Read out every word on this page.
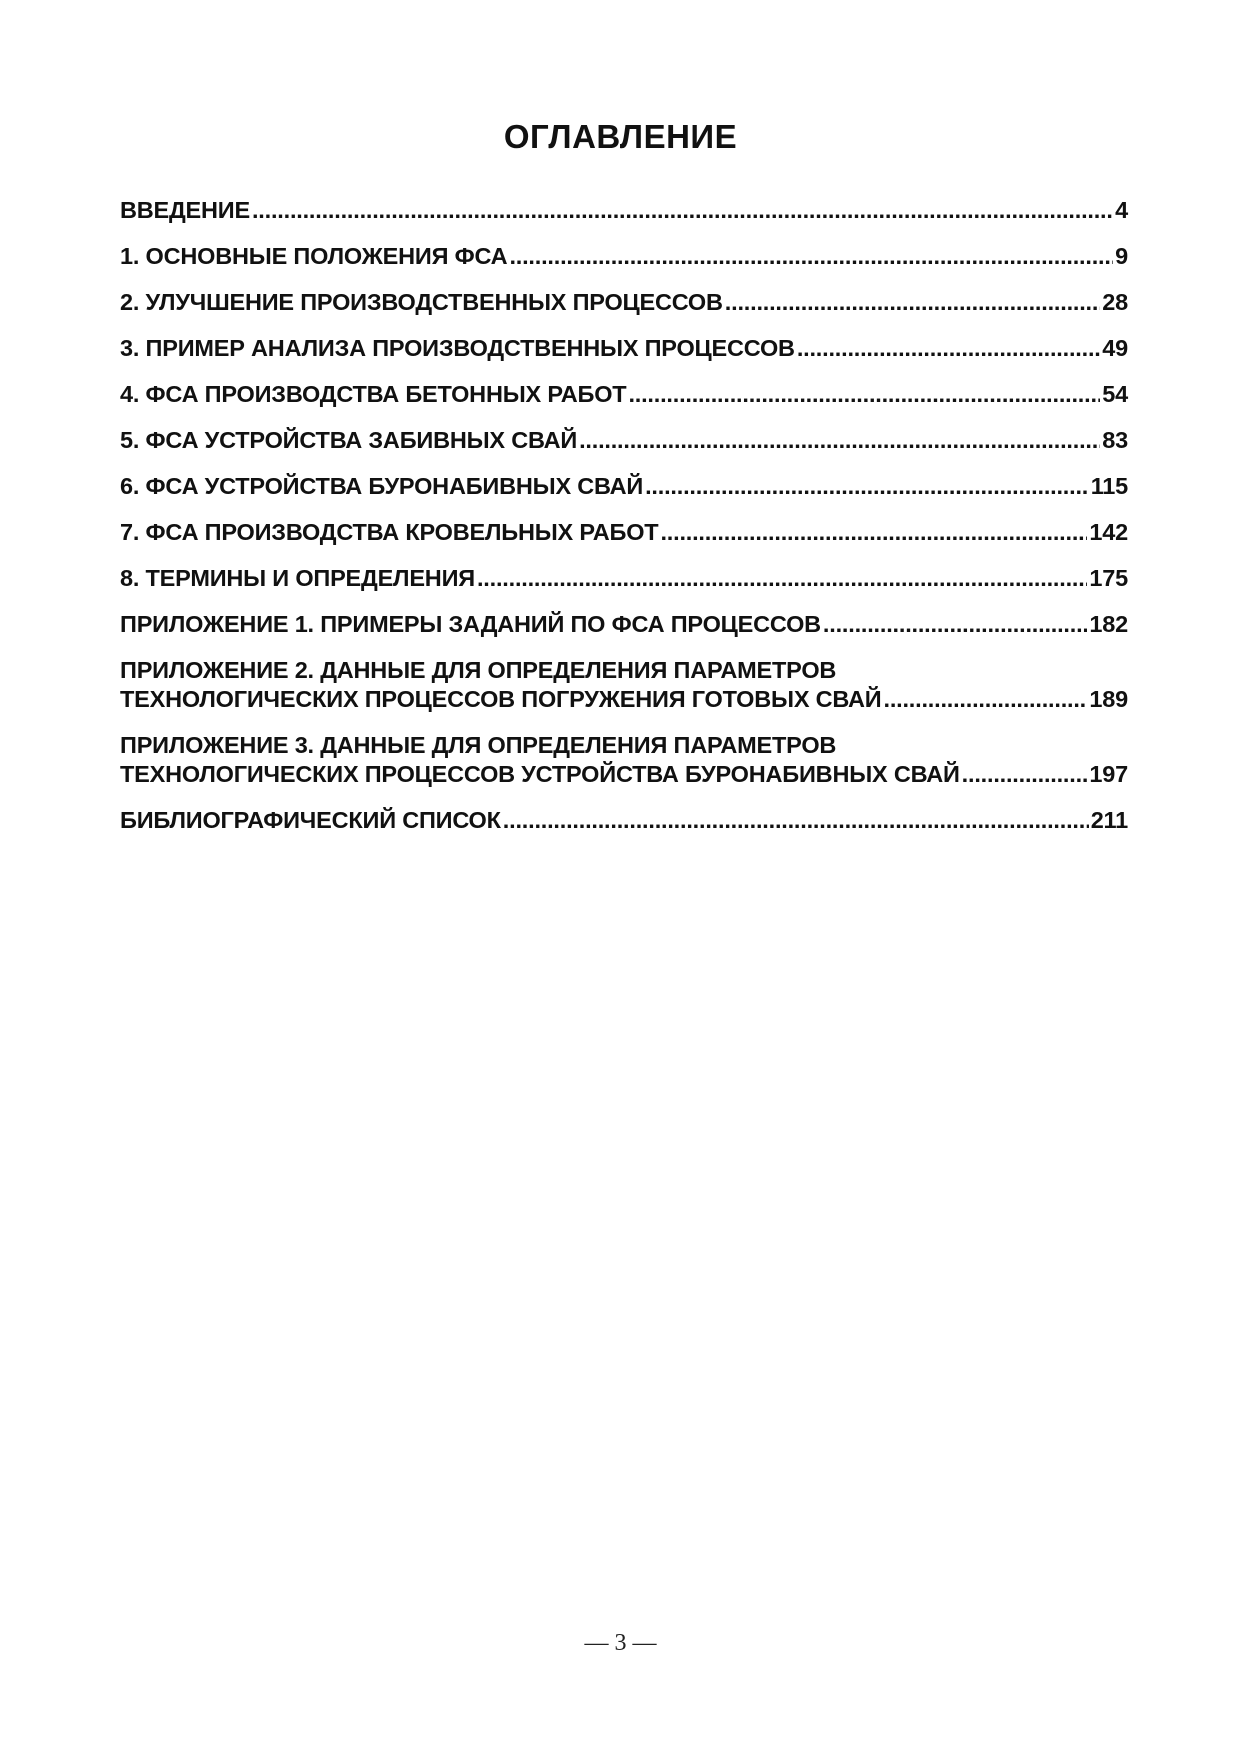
ОГЛАВЛЕНИЕ
ВВЕДЕНИЕ .....	4
1. ОСНОВНЫЕ ПОЛОЖЕНИЯ ФСА .....	9
2. УЛУЧШЕНИЕ ПРОИЗВОДСТВЕННЫХ ПРОЦЕССОВ .....	28
3. ПРИМЕР АНАЛИЗА ПРОИЗВОДСТВЕННЫХ ПРОЦЕССОВ .....	49
4. ФСА ПРОИЗВОДСТВА БЕТОННЫХ РАБОТ .....	54
5. ФСА УСТРОЙСТВА ЗАБИВНЫХ СВАЙ .....	83
6. ФСА УСТРОЙСТВА БУРОНАБИВНЫХ СВАЙ .....	115
7. ФСА ПРОИЗВОДСТВА КРОВЕЛЬНЫХ РАБОТ .....	142
8. ТЕРМИНЫ И ОПРЕДЕЛЕНИЯ .....	175
ПРИЛОЖЕНИЕ 1. ПРИМЕРЫ ЗАДАНИЙ ПО ФСА ПРОЦЕССОВ .....	182
ПРИЛОЖЕНИЕ 2. ДАННЫЕ ДЛЯ ОПРЕДЕЛЕНИЯ ПАРАМЕТРОВ
ТЕХНОЛОГИЧЕСКИХ ПРОЦЕССОВ ПОГРУЖЕНИЯ ГОТОВЫХ СВАЙ .....	189
ПРИЛОЖЕНИЕ 3. ДАННЫЕ ДЛЯ ОПРЕДЕЛЕНИЯ ПАРАМЕТРОВ
ТЕХНОЛОГИЧЕСКИХ ПРОЦЕССОВ УСТРОЙСТВА БУРОНАБИВНЫХ СВАЙ .....	197
БИБЛИОГРАФИЧЕСКИЙ СПИСОК .....	211
— 3 —
